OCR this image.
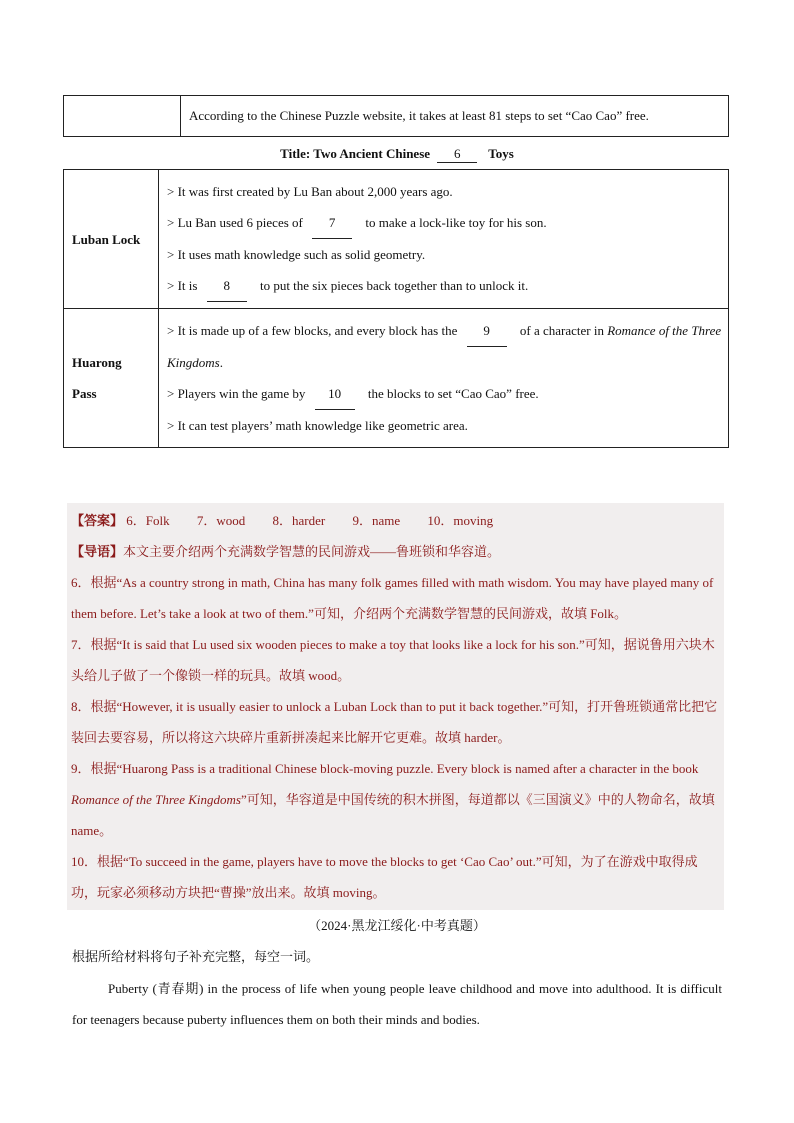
According to the Chinese Puzzle website, it takes at least 81 steps to set “Cao Cao” free.
Title: Two Ancient Chinese 6 Toys
Luban Lock
> It was first created by Lu Ban about 2,000 years ago.
> Lu Ban used 6 pieces of 7 to make a lock-like toy for his son.
> It uses math knowledge such as solid geometry.
> It is 8 to put the six pieces back together than to unlock it.
Huarong
Pass
> It is made up of a few blocks, and every block has the 9 of a character in Romance of the Three Kingdoms.
> Players win the game by 10 the blocks to set “Cao Cao” free.
> It can test players’ math knowledge like geometric area.
【答案】 6．Folk 7．wood 8．harder 9．name 10．moving
【导语】本文主要介绍两个充满数学智慧的民间游戏——鲁班锁和华容道。
6．根据“As a country strong in math, China has many folk games filled with math wisdom. You may have played many of them before. Let’s take a look at two of them.”可知，介绍两个充满数学智慧的民间游戏，故填 Folk。
7．根据“It is said that Lu used six wooden pieces to make a toy that looks like a lock for his son.”可知，据说鲁用六块木头给儿子做了一个像锁一样的玩具。故填 wood。
8．根据“However, it is usually easier to unlock a Luban Lock than to put it back together.”可知，打开鲁班锁通常比把它装回去要容易，所以将这六块碎片重新拼凑起来比解开它更难。故填 harder。
9．根据“Huarong Pass is a traditional Chinese block-moving puzzle. Every block is named after a character in the book Romance of the Three Kingdoms”可知，华容道是中国传统的积木拼图，每道都以《三国演义》中的人物命名，故填 name。
10．根据“To succeed in the game, players have to move the blocks to get ‘Cao Cao’ out.”可知，为了在游戏中取得成功，玩家必须移动方块把“曹操”放出来。故填 moving。
（2024·黑龙江绥化·中考真题）
根据所给材料将句子补充完整，每空一词。
Puberty (青春期) in the process of life when young people leave childhood and move into adulthood. It is difficult for teenagers because puberty influences them on both their minds and bodies.
